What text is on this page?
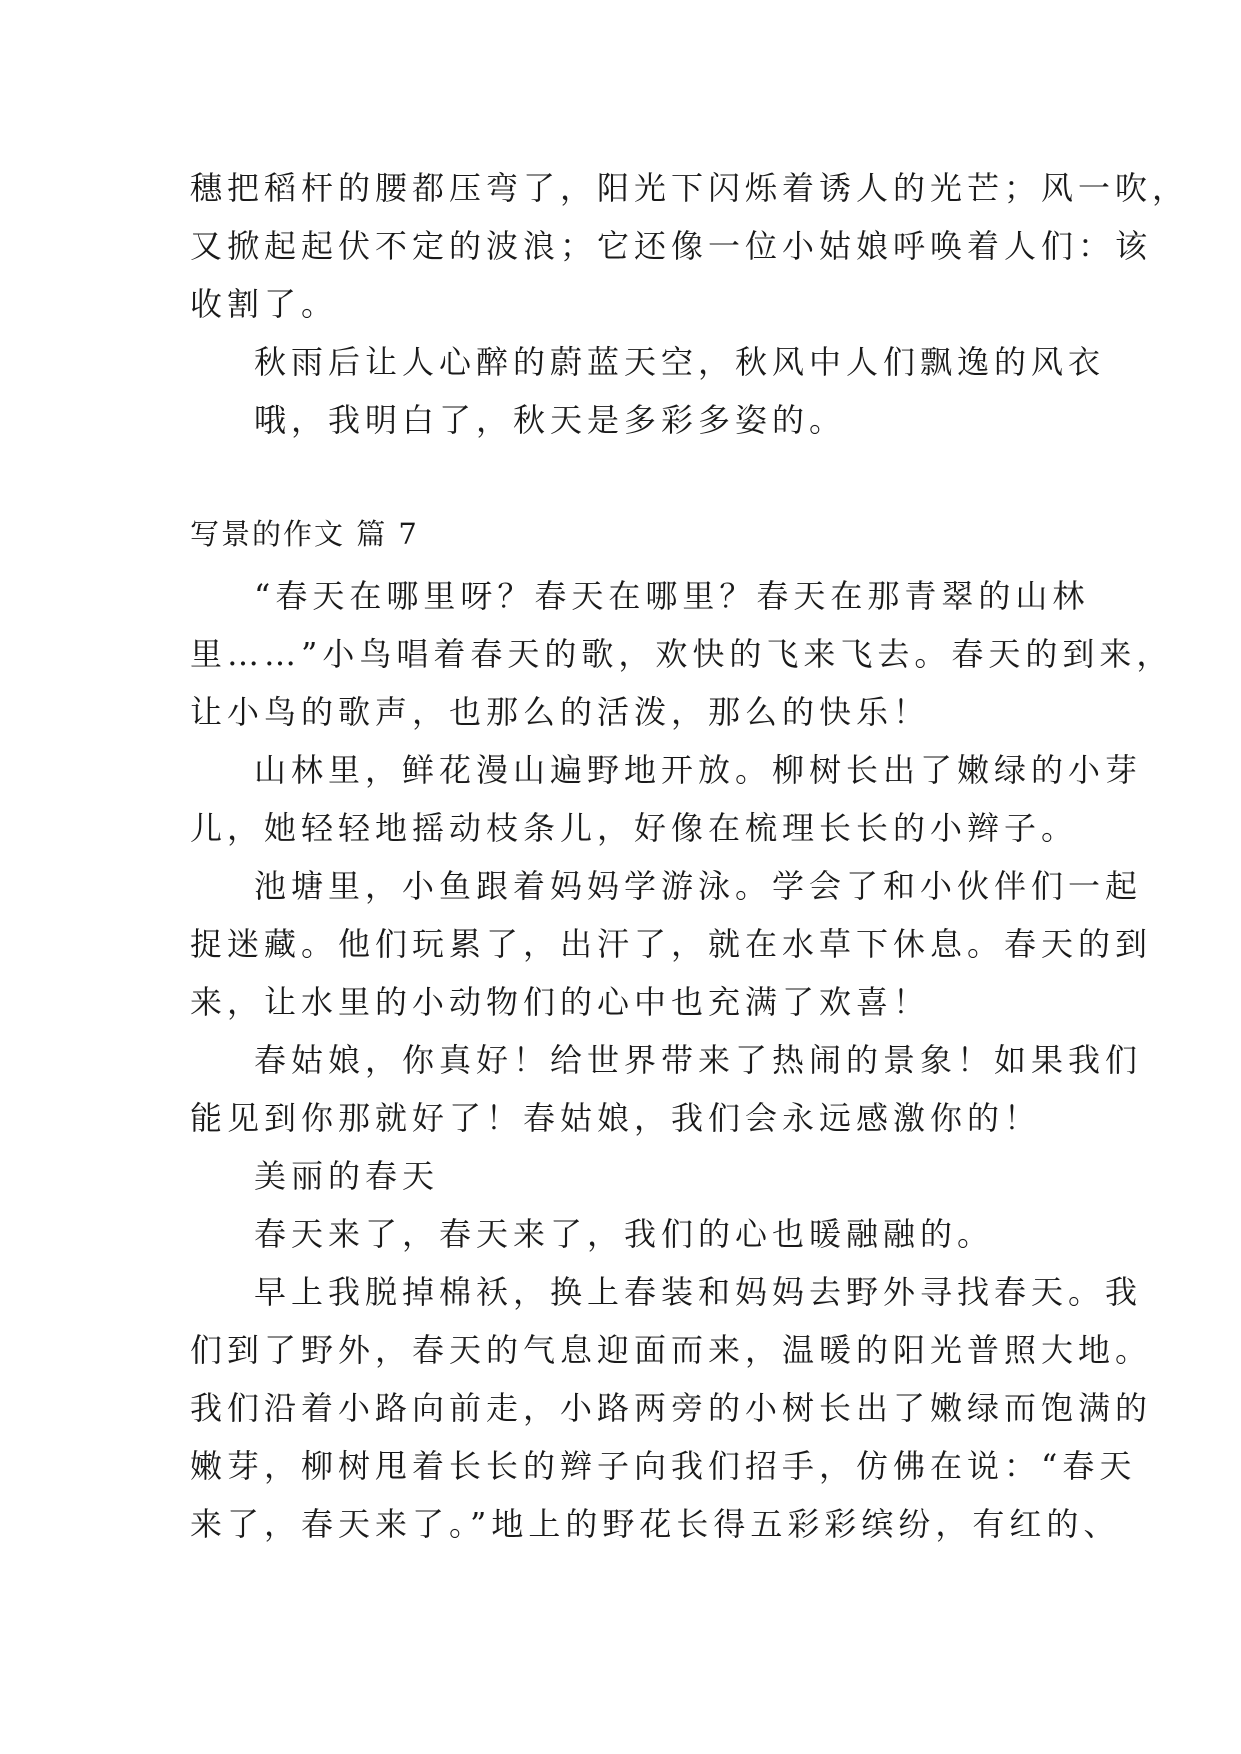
穗把稻杆的腰都压弯了，阳光下闪烁着诱人的光芒；风一吹，
又掀起起伏不定的波浪；它还像一位小姑娘呼唤着人们：该
收割了。
秋雨后让人心醉的蔚蓝天空，秋风中人们飘逸的风衣
哦，我明白了，秋天是多彩多姿的。
写景的作文 篇 7
“春天在哪里呀？春天在哪里？春天在那青翠的山林
里……”小鸟唱着春天的歌，欢快的飞来飞去。春天的到来，
让小鸟的歌声，也那么的活泼，那么的快乐！
山林里，鲜花漫山遍野地开放。柳树长出了嫩绿的小芽
儿，她轻轻地摇动枝条儿，好像在梳理长长的小辫子。
池塘里，小鱼跟着妈妈学游泳。学会了和小伙伴们一起
捉迷藏。他们玩累了，出汗了，就在水草下休息。春天的到
来，让水里的小动物们的心中也充满了欢喜！
春姑娘，你真好！给世界带来了热闹的景象！如果我们
能见到你那就好了！春姑娘，我们会永远感激你的！
美丽的春天
春天来了，春天来了，我们的心也暖融融的。
早上我脱掉棉袄，换上春装和妈妈去野外寻找春天。我
们到了野外，春天的气息迎面而来，温暖的阳光普照大地。
我们沿着小路向前走，小路两旁的小树长出了嫩绿而饱满的
嫩芽，柳树甩着长长的辫子向我们招手，仿佛在说：“春天
来了，春天来了。”地上的野花长得五彩彩缤纷，有红的、
